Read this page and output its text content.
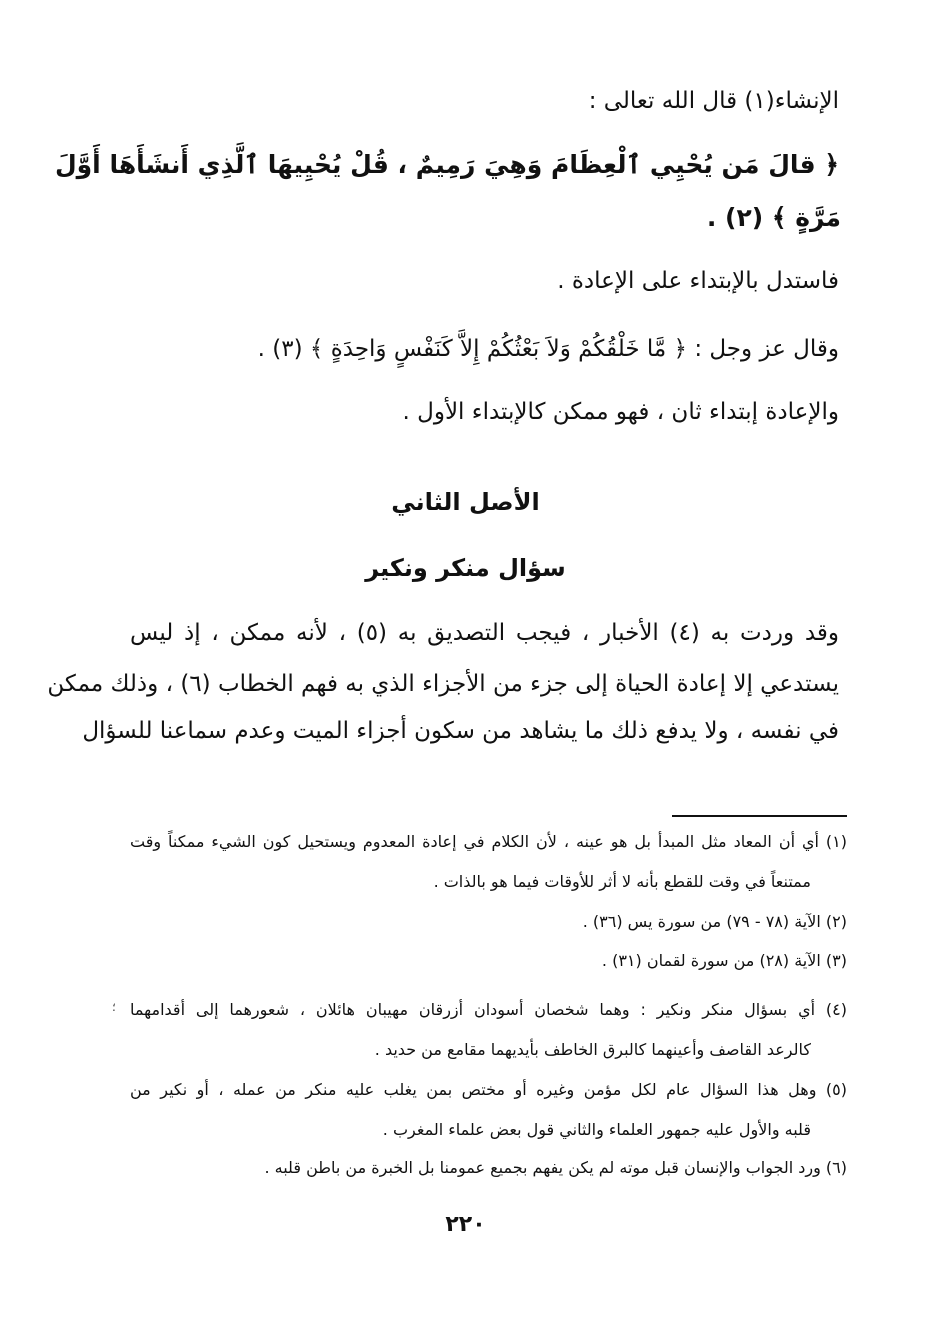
الإنشاء(١) قال الله تعالى :
﴿ قالَ مَن يُحْيِي ٱلْعِظَامَ وَهِيَ رَمِيمٌ ، قُلْ يُحْيِيهَا ٱلَّذِي أَنشَأَهَا أَوَّلَ
مَرَّةٍ ﴾ (٢) .
فاستدل بالإبتداء على الإعادة .
وقال عز وجل : ﴿ مَّا خَلْقُكُمْ وَلاَ بَعْثُكُمْ إِلاَّ كَنَفْسٍ وَاحِدَةٍ ﴾ (٣) .
والإعادة إبتداء ثان ، فهو ممكن كالإبتداء الأول .
الأصل الثاني
سؤال منكر ونكير
وقد وردت به (٤) الأخبار ، فيجب التصديق به (٥) ، لأنه ممكن ، إذ ليس
يستدعي إلا إعادة الحياة إلى جزء من الأجزاء الذي به فهم الخطاب (٦) ، وذلك ممكن
في نفسه ، ولا يدفع ذلك ما يشاهد من سكون أجزاء الميت وعدم سماعنا للسؤال
(١) أي أن المعاد مثل المبدأ بل هو عينه ، لأن الكلام في إعادة المعدوم ويستحيل كون الشيء ممكناً وقت
ممتنعاً في وقت للقطع بأنه لا أثر للأوقات فيما هو بالذات .
(٢) الآية (٧٨ - ٧٩) من سورة يس (٣٦) .
(٣) الآية (٢٨) من سورة لقمان (٣١) .
؛ (٤) أي بسؤال منكر ونكير : وهما شخصان أسودان أزرقان مهيبان هائلان ، شعورهما إلى أقدامهما
كالرعد القاصف وأعينهما كالبرق الخاطف بأيديهما مقامع من حديد .
(٥) وهل هذا السؤال عام لكل مؤمن وغيره أو مختص بمن يغلب عليه منكر من عمله ، أو نكير من
قلبه والأول عليه جمهور العلماء والثاني قول بعض علماء المغرب .
(٦) ورد الجواب والإنسان قبل موته لم يكن يفهم بجميع عمومنا بل الخبرة من باطن قلبه .
٢٢٠
